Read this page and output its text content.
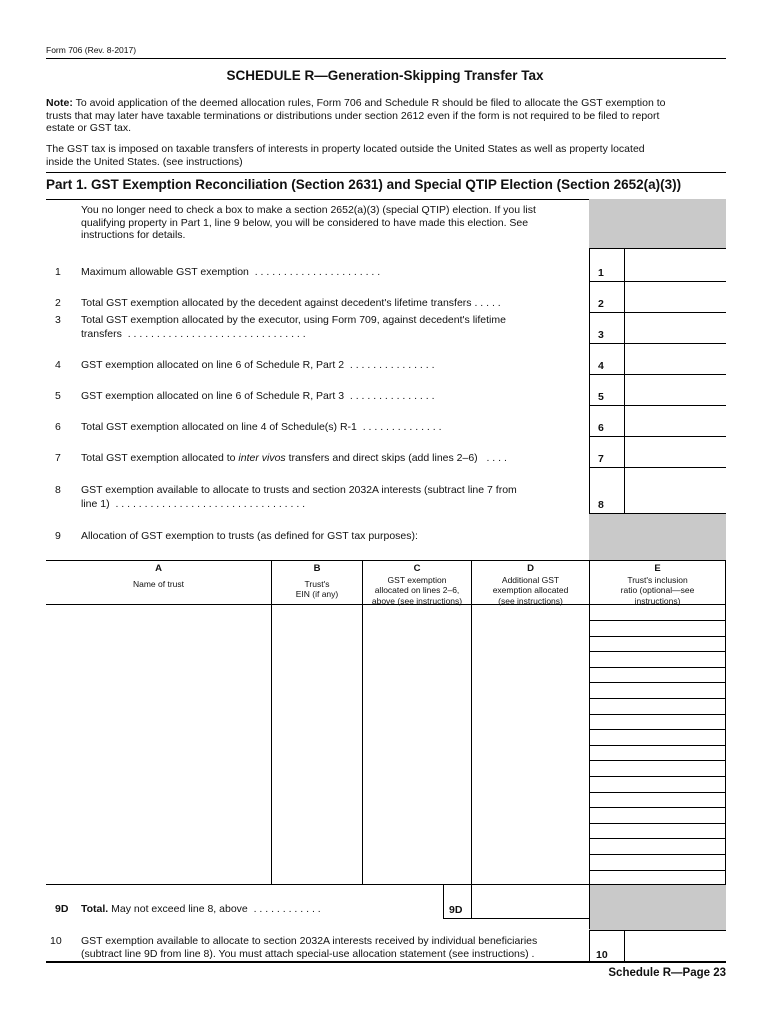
Form 706 (Rev. 8-2017)
SCHEDULE R—Generation-Skipping Transfer Tax
Note: To avoid application of the deemed allocation rules, Form 706 and Schedule R should be filed to allocate the GST exemption to
trusts that may later have taxable terminations or distributions under section 2612 even if the form is not required to be filed to report
estate or GST tax.
The GST tax is imposed on taxable transfers of interests in property located outside the United States as well as property located
inside the United States. (see instructions)
Part 1. GST Exemption Reconciliation (Section 2631) and Special QTIP Election (Section 2652(a)(3))
You no longer need to check a box to make a section 2652(a)(3) (special QTIP) election. If you list
qualifying property in Part 1, line 9 below, you will be considered to have made this election. See
instructions for details.
1 Maximum allowable GST exemption . . . . . . . . . . . . . . . . . . . . . .	1
2 Total GST exemption allocated by the decedent against decedent's lifetime transfers . . . . .	2
3 Total GST exemption allocated by the executor, using Form 709, against decedent's lifetime
transfers . . . . . . . . . . . . . . . . . . . . . . . . . . . . . . .	3
4 GST exemption allocated on line 6 of Schedule R, Part 2 . . . . . . . . . . . . . . .	4
5 GST exemption allocated on line 6 of Schedule R, Part 3 . . . . . . . . . . . . . . .	5
6 Total GST exemption allocated on line 4 of Schedule(s) R-1 . . . . . . . . . . . . . .	6
7 Total GST exemption allocated to inter vivos transfers and direct skips (add lines 2–6) . . . .	7
8 GST exemption available to allocate to trusts and section 2032A interests (subtract line 7 from
line 1) . . . . . . . . . . . . . . . . . . . . . . . . . . . . . . . . .	8
9 Allocation of GST exemption to trusts (as defined for GST tax purposes):
A
Name of trust
B
Trust's
EIN (if any)
C
GST exemption
allocated on lines 2–6,
above (see instructions)
D
Additional GST
exemption allocated
(see instructions)
E
Trust's inclusion
ratio (optional—see
instructions)
9D Total. May not exceed line 8, above . . . . . . . . . . . .	9D
10 GST exemption available to allocate to section 2032A interests received by individual beneficiaries
(subtract line 9D from line 8). You must attach special-use allocation statement (see instructions) .	10
Schedule R—Page 23
